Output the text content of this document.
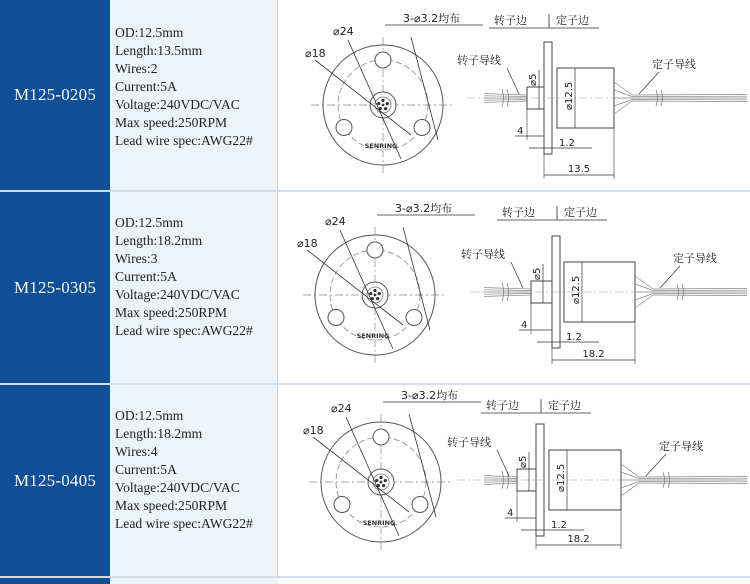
M125-0205
OD:12.5mm
Length:13.5mm
Wires:2
Current:5A
Voltage:240VDC/VAC
Max speed:250RPM
Lead wire spec:AWG22#
⌀24
⌀18
3-⌀3.2均布
SENRING
转子边	定子边
转子导线	定子导线
⌀5
⌀12.5
4
1.2
13.5
M125-0305
OD:12.5mm
Length:18.2mm
Wires:3
Current:5A
Voltage:240VDC/VAC
Max speed:250RPM
Lead wire spec:AWG22#
⌀24
⌀18
3-⌀3.2均布
SENRING
转子边	定子边
转子导线	定子导线
⌀5
⌀12.5
4
1.2
18.2
M125-0405
OD:12.5mm
Length:18.2mm
Wires:4
Current:5A
Voltage:240VDC/VAC
Max speed:250RPM
Lead wire spec:AWG22#
⌀24
⌀18
3-⌀3.2均布
SENRING
转子边	定子边
转子导线	定子导线
⌀5
⌀12.5
4
1.2
18.2
